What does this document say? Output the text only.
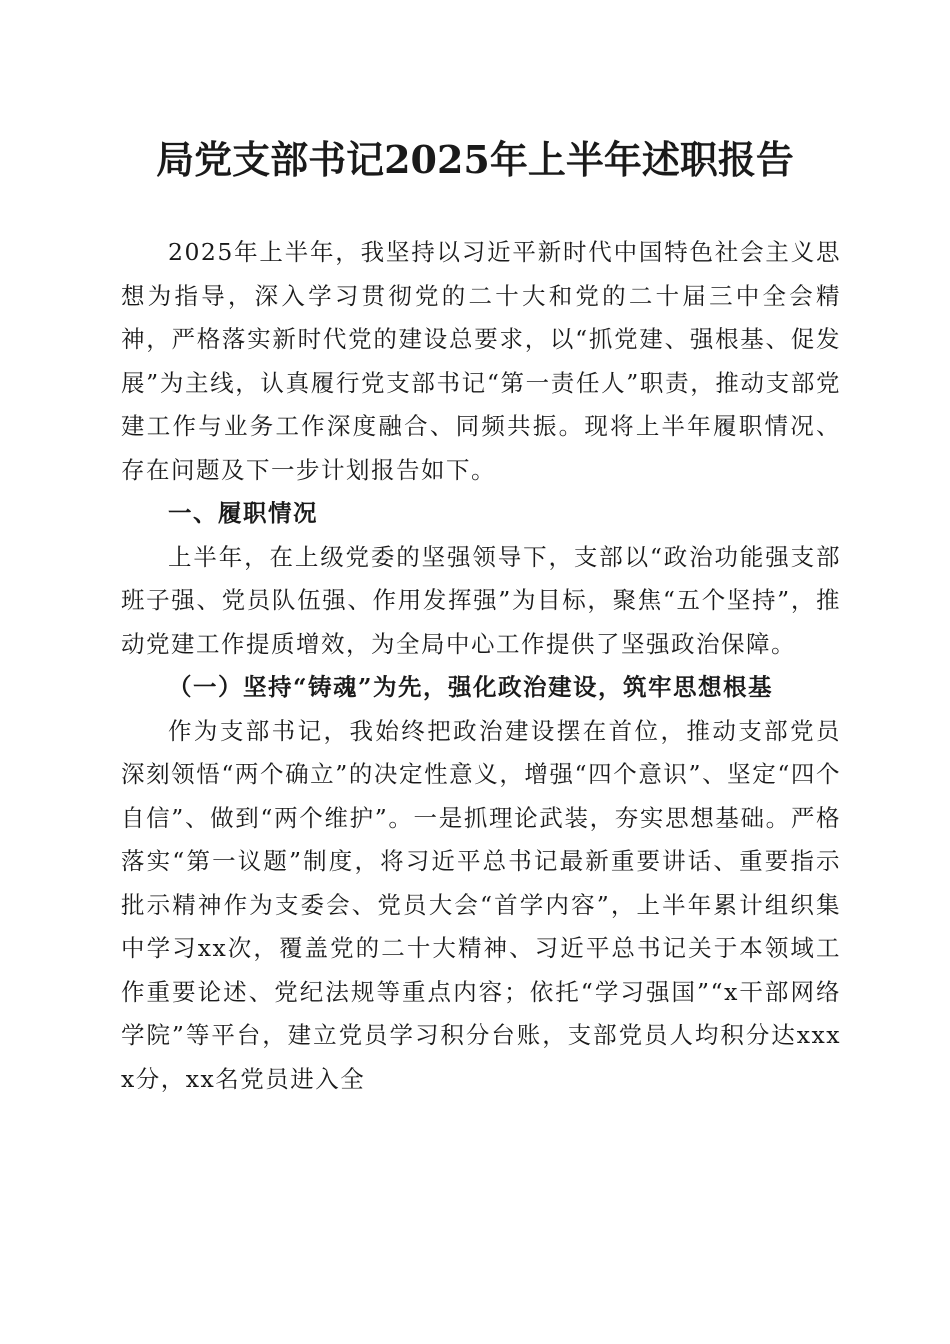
局党支部书记2025年上半年述职报告

2025年上半年，我坚持以习近平新时代中国特色社会主义思想为指导，深入学习贯彻党的二十大和党的二十届三中全会精神，严格落实新时代党的建设总要求，以“抓党建、强根基、促发展”为主线，认真履行党支部书记“第一责任人”职责，推动支部党建工作与业务工作深度融合、同频共振。现将上半年履职情况、存在问题及下一步计划报告如下。

一、履职情况

上半年，在上级党委的坚强领导下，支部以“政治功能强支部班子强、党员队伍强、作用发挥强”为目标，聚焦“五个坚持”，推动党建工作提质增效，为全局中心工作提供了坚强政治保障。

（一）坚持“铸魂”为先，强化政治建设，筑牢思想根基

作为支部书记，我始终把政治建设摆在首位，推动支部党员深刻领悟“两个确立”的决定性意义，增强“四个意识”、坚定“四个自信”、做到“两个维护”。一是抓理论武装，夯实思想基础。严格落实“第一议题”制度，将习近平总书记最新重要讲话、重要指示批示精神作为支委会、党员大会“首学内容”，上半年累计组织集中学习xx次，覆盖党的二十大精神、习近平总书记关于本领域工作重要论述、党纪法规等重点内容；依托“学习强国”“x干部网络学院”等平台，建立党员学习积分台账，支部党员人均积分达xxxx分，xx名党员进入全
